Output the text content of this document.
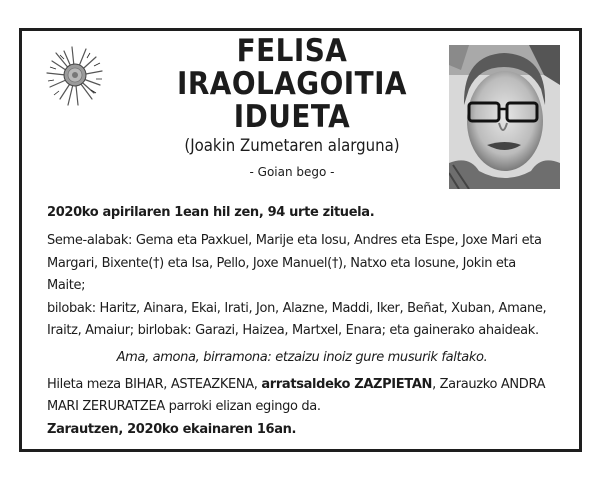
FELISA
IRAOLAGOITIA
IDUETA
(Joakin Zumetaren alarguna)
- Goian bego -

2020ko apirilaren 1ean hil zen, 94 urte zituela.

Seme-alabak: Gema eta Paxkuel, Marije eta Iosu, Andres eta Espe, Joxe Mari eta
Margari, Bixente(†) eta Isa, Pello, Joxe Manuel(†), Natxo eta Iosune, Jokin eta Maite;
bilobak: Haritz, Ainara, Ekai, Irati, Jon, Alazne, Maddi, Iker, Beñat, Xuban, Amane,
Iraitz, Amaiur; birlobak: Garazi, Haizea, Martxel, Enara; eta gainerako ahaideak.

Ama, amona, birramona: etzaizu inoiz gure musurik faltako.

Hileta meza BIHAR, ASTEAZKENA, arratsaldeko ZAZPIETAN, Zarauzko ANDRA
MARI ZERURATZEA parroki elizan egingo da.

Zarautzen, 2020ko ekainaren 16an.
